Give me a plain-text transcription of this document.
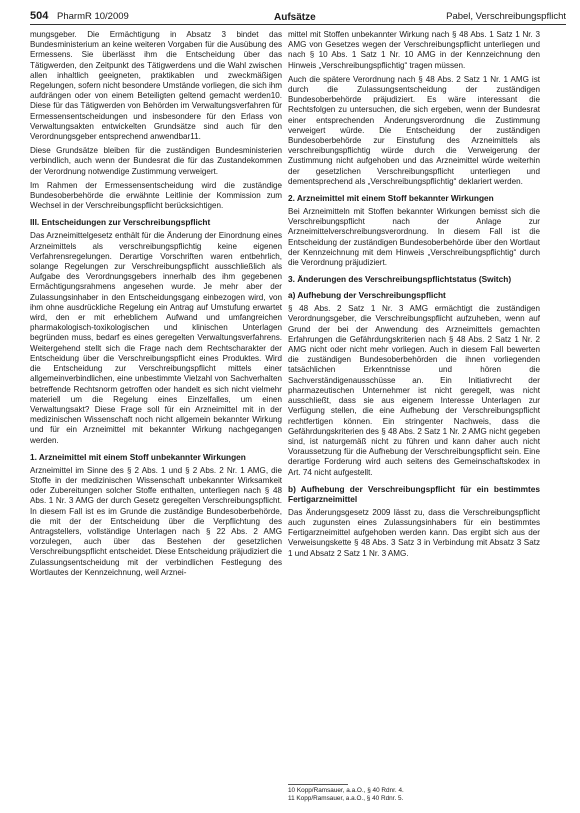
504 PharmR 10/2009	Aufsätze	Pabel, Verschreibungspflicht

mungsgeber. Die Ermächtigung in Absatz 3 bindet das Bundesministerium an keine weiteren Vorgaben für die Ausübung des Ermessens. Sie überlässt ihm die Entscheidung über das Tätigwerden, den Zeitpunkt des Tätigwerdens und die Wahl zwischen allen inhaltlich geeigneten, praktikablen und zweckmäßigen Regelungen, sofern nicht besondere Umstände vorliegen, die sich ihm aufdrängen oder von einem Beteiligten geltend gemacht werden10. Diese für das Tätigwerden von Behörden im Verwaltungsverfahren für Ermessensentscheidungen und insbesondere für den Erlass von Verwaltungsakten entwickelten Grundsätze sind auch für den Verordnungsgeber entsprechend anwendbar11.

Diese Grundsätze bleiben für die zuständigen Bundesministerien verbindlich, auch wenn der Bundesrat die für das Zustandekommen der Verordnung notwendige Zustimmung verweigert.

Im Rahmen der Ermessensentscheidung wird die zuständige Bundesoberbehörde die erwähnte Leitlinie der Kommission zum Wechsel in der Verschreibungspflicht berücksichtigen.

III. Entscheidungen zur Verschreibungspflicht

Das Arzneimittelgesetz enthält für die Änderung der Einordnung eines Arzneimittels als verschreibungspflichtig keine eigenen Verfahrensregelungen. Derartige Vorschriften waren entbehrlich, solange Regelungen zur Verschreibungspflicht ausschließlich als Aufgabe des Verordnungsgebers innerhalb des ihm gegebenen Ermächtigungsrahmens angesehen wurde. Je mehr aber der Zulassungsinhaber in den Entscheidungsgang einbezogen wird, von ihm ohne ausdrückliche Regelung ein Antrag auf Umstufung erwartet wird, den er mit erheblichem Aufwand und umfangreichen pharmakologisch-toxikologischen und klinischen Unterlagen begründen muss, bedarf es eines geregelten Verwaltungsverfahrens. Weitergehend stellt sich die Frage nach dem Rechtscharakter der Entscheidung über die Verschreibungspflicht eines Produktes. Wird die Entscheidung zur Verschreibungspflicht mittels einer allgemeinverbindlichen, eine unbestimmte Vielzahl von Sachverhalten betreffende Rechtsnorm getroffen oder handelt es sich nicht vielmehr materiell um die Regelung eines Einzelfalles, um einen Verwaltungsakt? Diese Frage soll für ein Arzneimittel mit in der medizinischen Wissenschaft noch nicht allgemein bekannter Wirkung und für ein Arzneimittel mit bekannter Wirkung nachgegangen werden.

1. Arzneimittel mit einem Stoff unbekannter Wirkungen

Arzneimittel im Sinne des § 2 Abs. 1 und § 2 Abs. 2 Nr. 1 AMG, die Stoffe in der medizinischen Wissenschaft unbekannter Wirksamkeit oder Zubereitungen solcher Stoffe enthalten, unterliegen nach § 48 Abs. 1 Nr. 3 AMG der durch Gesetz geregelten Verschreibungspflicht. In diesem Fall ist es im Grunde die zuständige Bundesoberbehörde, die mit der der Entscheidung über die Verpflichtung des Antragstellers, vollständige Unterlagen nach § 22 Abs. 2 AMG vorzulegen, auch über das Bestehen der gesetzlichen Verschreibungspflicht entscheidet. Diese Entscheidung präjudiziert die Zulassungsentscheidung mit der verbindlichen Festlegung des Wortlautes der Kennzeichnung, weil Arznei-

mittel mit Stoffen unbekannter Wirkung nach § 48 Abs. 1 Satz 1 Nr. 3 AMG von Gesetzes wegen der Verschreibungspflicht unterliegen und nach § 10 Abs. 1 Satz 1 Nr. 10 AMG in der Kennzeichnung den Hinweis „Verschreibungspflichtig“ tragen müssen.

Auch die spätere Verordnung nach § 48 Abs. 2 Satz 1 Nr. 1 AMG ist durch die Zulassungsentscheidung der zuständigen Bundesoberbehörde präjudiziert. Es wäre interessant die Rechtsfolgen zu untersuchen, die sich ergeben, wenn der Bundesrat einer entsprechenden Änderungsverordnung die Zustimmung verweigert würde. Die Entscheidung der zuständigen Bundesoberbehörde zur Einstufung des Arzneimittels als verschreibungspflichtig würde durch die Verweigerung der Zustimmung nicht aufgehoben und das Arzneimittel würde weiterhin der gesetzlichen Verschreibungspflicht unterliegen und dementsprechend als „Verschreibungspflichtig“ deklariert werden.

2. Arzneimittel mit einem Stoff bekannter Wirkungen

Bei Arzneimitteln mit Stoffen bekannter Wirkungen bemisst sich die Verschreibungspflicht nach der Anlage zur Arzneimittelverschreibungsverordnung. In diesem Fall ist die Entscheidung der zuständigen Bundesoberbehörde über den Wortlaut der Kennzeichnung mit dem Hinweis „Verschreibungspflichtig“ durch die Verordnung präjudiziert.

3. Änderungen des Verschreibungspflichtstatus (Switch)
a) Aufhebung der Verschreibungspflicht

§ 48 Abs. 2 Satz 1 Nr. 3 AMG ermächtigt die zuständigen Verordnungsgeber, die Verschreibungspflicht aufzuheben, wenn auf Grund der bei der Anwendung des Arzneimittels gemachten Erfahrungen die Gefährdungskriterien nach § 48 Abs. 2 Satz 1 Nr. 2 AMG nicht oder nicht mehr vorliegen. Auch in diesem Fall bewerten die zuständigen Bundesoberbehörden die ihnen vorliegenden tatsächlichen Erkenntnisse und hören die Sachverständigenausschüsse an. Ein Initiativrecht der pharmazeutischen Unternehmer ist nicht geregelt, was nicht ausschließt, dass sie aus eigenem Interesse Unterlagen zur Verfügung stellen, die eine Aufhebung der Verschreibungspflicht rechtfertigen können. Ein stringenter Nachweis, dass die Gefährdungskriterien des § 48 Abs. 2 Satz 1 Nr. 2 AMG nicht gegeben sind, ist naturgemäß nicht zu führen und kann daher auch nicht Voraussetzung für die Aufhebung der Verschreibungspflicht sein. Eine derartige Forderung wird auch seitens des Gemeinschaftskodex in Art. 74 nicht aufgestellt.

b) Aufhebung der Verschreibungspflicht für ein bestimmtes Fertigarzneimittel

Das Änderungsgesetz 2009 lässt zu, dass die Verschreibungspflicht auch zugunsten eines Zulassungsinhabers für ein bestimmtes Fertigarzneimittel aufgehoben werden kann. Das ergibt sich aus der Verweisungskette § 48 Abs. 3 Satz 3 in Verbindung mit Absatz 3 Satz 1 und Absatz 2 Satz 1 Nr. 3 AMG.

10 Kopp/Ramsauer, a.a.O., § 40 Rdnr. 4.
11 Kopp/Ramsauer, a.a.O., § 40 Rdnr. 5.
